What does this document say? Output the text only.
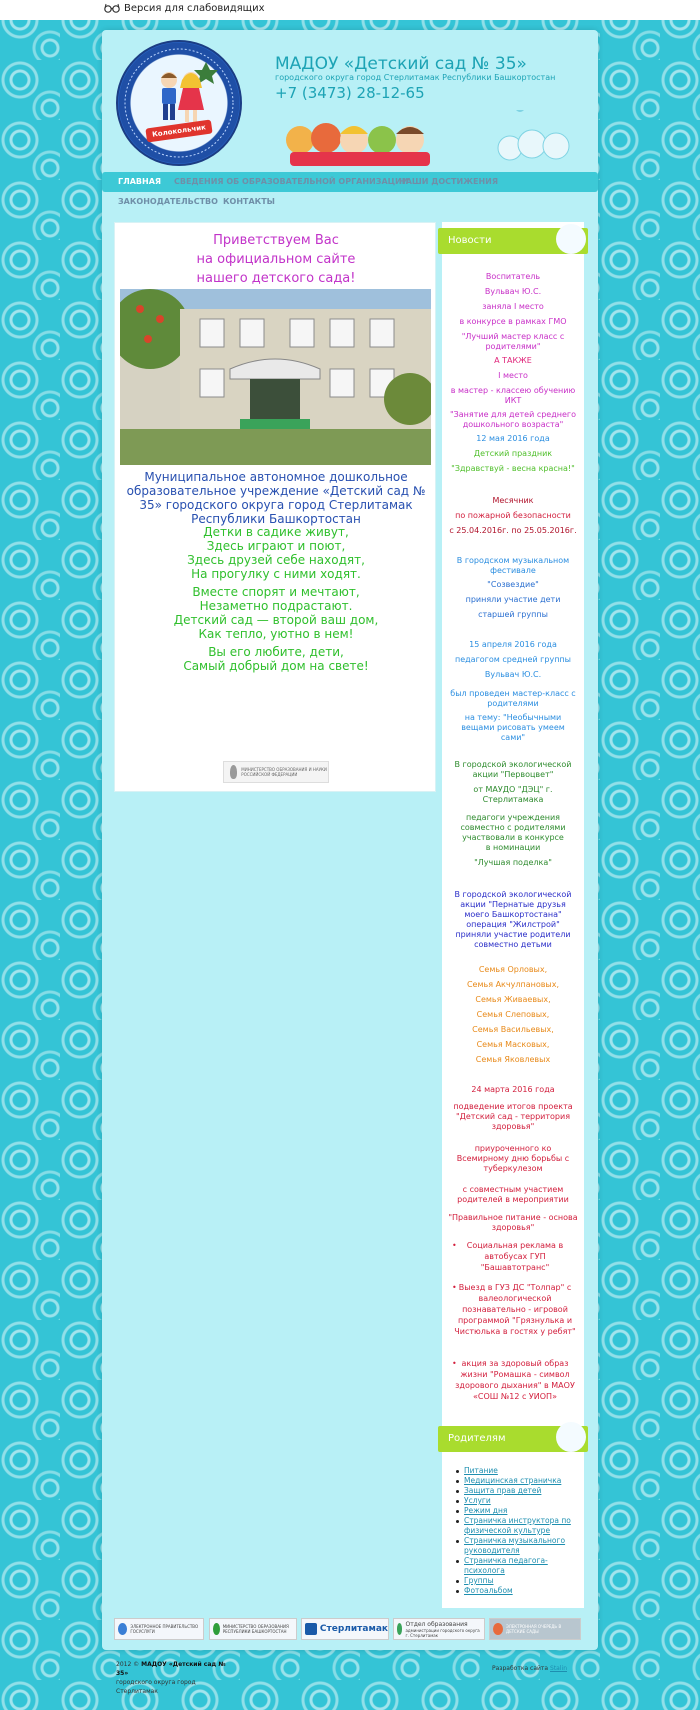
Версия для слабовидящих
Колокольчик
МАДОУ «Детский сад № 35»
городского округа город Стерлитамак Республики Башкортостан
+7 (3473) 28-12-65
ГЛАВНАЯ СВЕДЕНИЯ ОБ ОБРАЗОВАТЕЛЬНОЙ ОРГАНИЗАЦИИ
НАШИ ДОСТИЖЕНИЯ
ЗАКОНОДАТЕЛЬСТВО КОНТАКТЫ
Приветствуем Вас
на официальном сайте
нашего детского сада!
Муниципальное автономное дошкольное образовательное учреждение «Детский сад № 35» городского округа город Стерлитамак Республики Башкортостан
Детки в садике живут,
Здесь играют и поют,
Здесь друзей себе находят,
На прогулку с ними ходят.
Вместе спорят и мечтают,
Незаметно подрастают.
Детский сад — второй ваш дом,
Как тепло, уютно в нем!
Вы его любите, дети,
Самый добрый дом на свете!
МИНИСТЕРСТВО ОБРАЗОВАНИЯ И НАУКИ РОССИЙСКОЙ ФЕДЕРАЦИИ
Новости
Воспитатель
Вульвач Ю.С.
заняла I место
в конкурсе в рамках ГМО
"Лучший мастер класс с родителями"
А ТАКЖЕ
I место
в мастер - классею обучению ИКТ
"Занятие для детей среднего дошкольного возраста"
12 мая 2016 года
Детский праздник
"Здравствуй - весна красна!"
Месячник
по пожарной безопасности
с 25.04.2016г. по 25.05.2016г.
В городском музыкальном фестивале
"Созвездие"
приняли участие дети
старшей группы
15 апреля 2016 года
педагогом средней группы
Вульвач Ю.С.
был проведен мастер-класс с родителями
на тему: "Необычными вещами рисовать умеем сами"
В городской экологической акции "Первоцвет"
от МАУДО "ДЭЦ" г. Стерлитамака
педагоги учреждения совместно с родителями участвовали в конкурсе
в номинации
"Лучшая поделка"
В городской экологической акции "Пернатые друзья моего Башкортостана" операция "Жилстрой" приняли участие родители совместно детьми
Семья Орловых,
Семья Акчулпановых,
Семья Живаевых,
Семья Слеповых,
Семья Васильевых,
Семья Масковых,
Семья Яковлевых
24 марта 2016 года
подведение итогов проекта "Детский сад - территория здоровья"
приуроченного ко Всемирному дню борьбы с туберкулезом
с совместным участием родителей в мероприятии
"Правильное питание - основа здоровья"
• Социальная реклама в автобусах ГУП "Башавтотранс"
• Выезд в ГУЗ ДС "Толпар" с валеологической познавательно - игровой программой "Грязнулька и Чистюлька в гостях у ребят"
• акция за здоровый образ жизни "Ромашка - символ здорового дыхания" в МАОУ «СОШ №12 с УИОП»
Родителям
Питание
Медицинская страничка
Защита прав детей
Услуги
Режим дня
Страничка инструктора по физической культуре
Страничка музыкального руководителя
Страничка педагога-психолога
Группы
Фотоальбом
ЭЛЕКТРОННОЕ ПРАВИТЕЛЬСТВО ГОСУСЛУГИ
МИНИСТЕРСТВО ОБРАЗОВАНИЯ РЕСПУБЛИКИ БАШКОРТОСТАН	Стерлитамак	Отдел образования администрации городского округа г. Стерлитамак
ЭЛЕКТРОННАЯ ОЧЕРЕДЬ В ДЕТСКИЕ САДЫ
2012 © МАДОУ «Детский сад № 35»
городского округа город Стерлитамак
Разработка сайта Stalin
